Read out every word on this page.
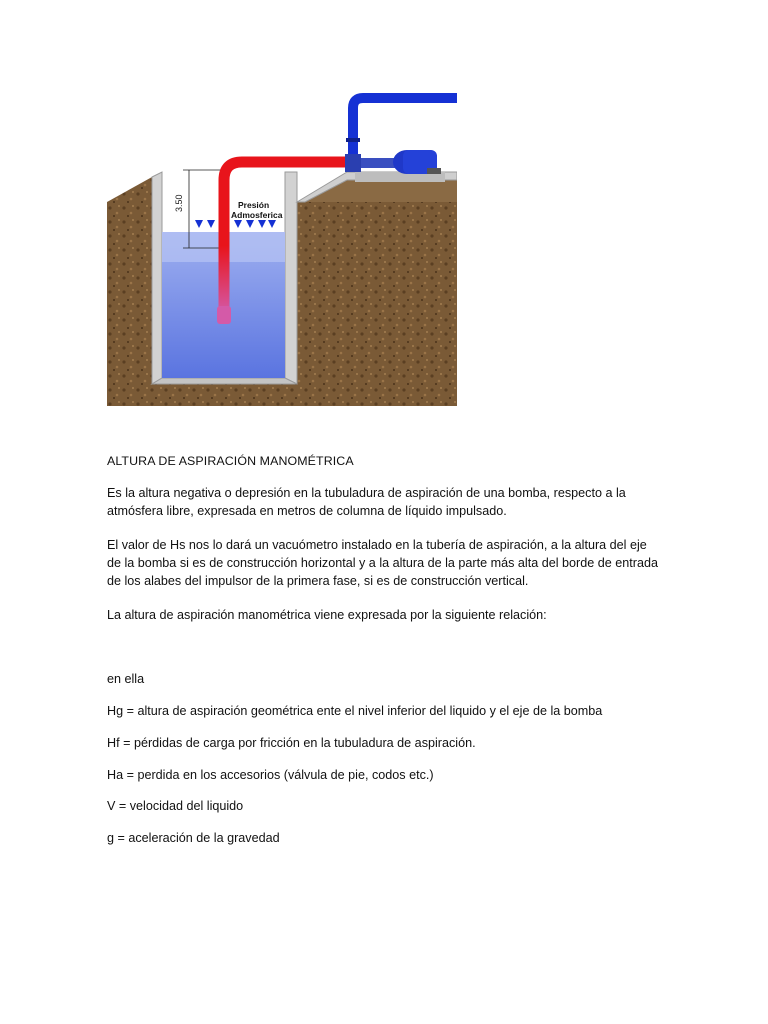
3.50	Presión
Admosferica
ALTURA DE ASPIRACIÓN MANOMÉTRICA
Es la altura negativa o depresión en la tubuladura de aspiración de una bomba, respecto a la
atmósfera libre, expresada en metros de columna de líquido impulsado.
El valor de Hs nos lo dará un vacuómetro instalado en la tubería de aspiración, a la altura del eje
de la bomba si es de construcción horizontal y a la altura de la parte más alta del borde de entrada
de los alabes del impulsor de la primera fase, si es de construcción vertical.
La altura de aspiración manométrica viene expresada por la siguiente relación:
en ella
Hg = altura de aspiración geométrica ente el nivel inferior del liquido y el eje de la bomba
Hf = pérdidas de carga por fricción en la tubuladura de aspiración.
Ha = perdida en los accesorios (válvula de pie, codos etc.)
V = velocidad del liquido
g = aceleración de la gravedad
